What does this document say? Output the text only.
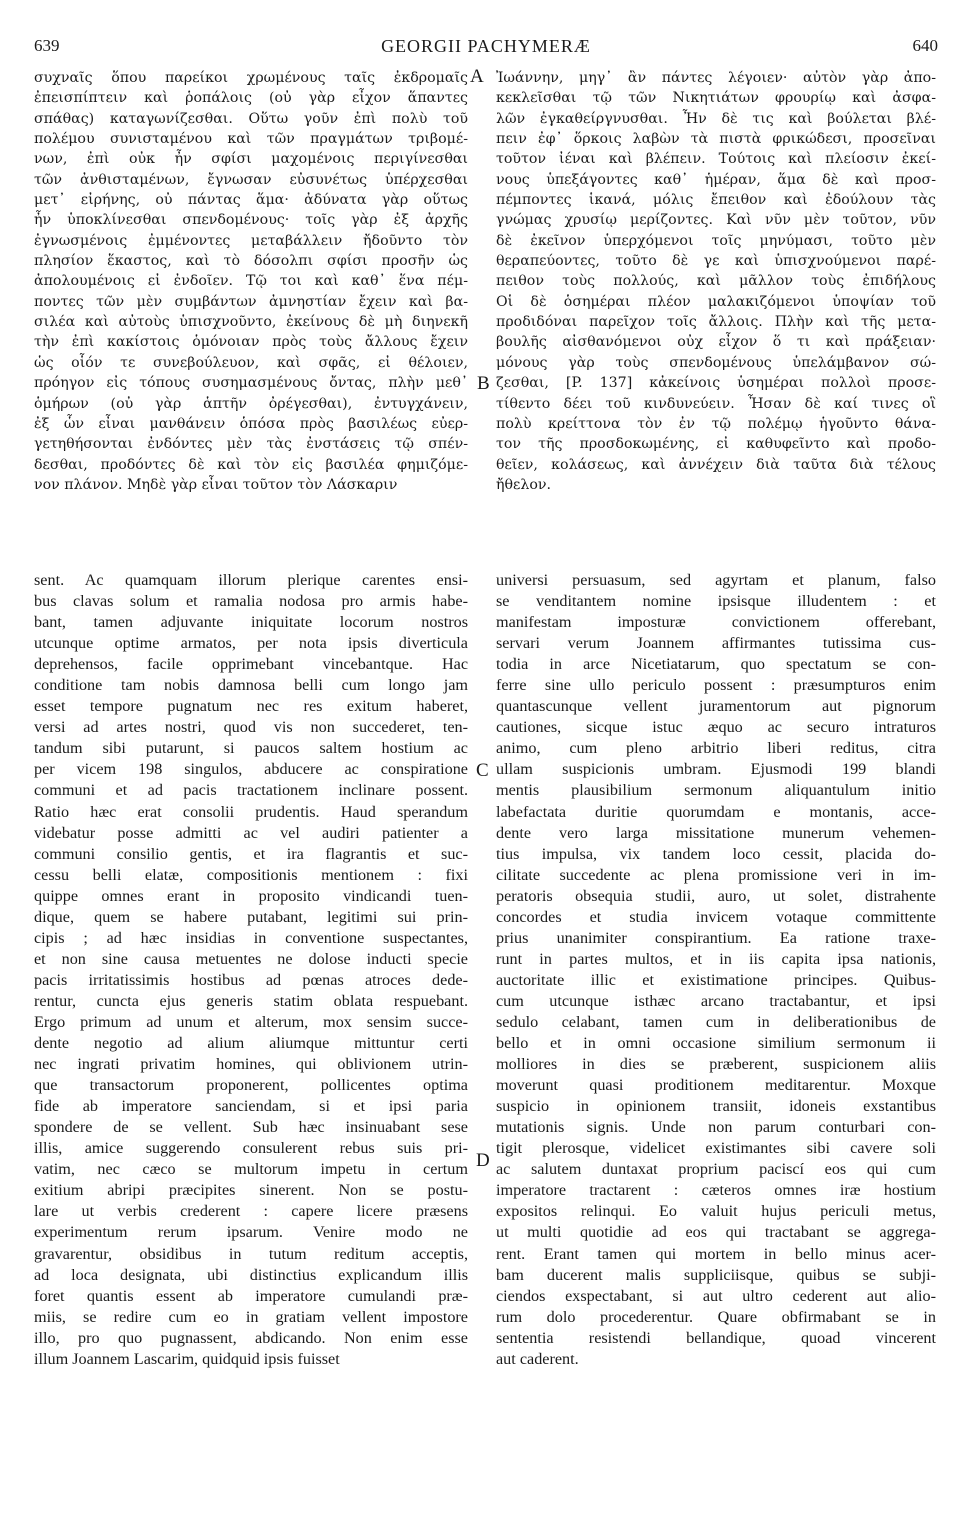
639	GEORGII PACHYMERÆ	640
A
B
C
D
συχναῖς ὅπου παρείκοι χρωμένους ταῖς ἐκδρομαῖς
ἐπεισπίπτειν καὶ ῥοπάλοις (οὐ γὰρ εἶχον ἅπαντες
σπάθας) καταγωνίζεσθαι. Οὕτω γοῦν ἐπὶ πολὺ τοῦ
πολέμου συνισταμένου καὶ τῶν πραγμάτων τριβομέ-
νων, ἐπὶ οὐκ ἦν σφίσι μαχομένοις περιγίνεσθαι
τῶν ἀνθισταμένων, ἔγνωσαν εὐσυνέτως ὑπέρχεσθαι
μετ᾽ εἰρήνης, οὐ πάντας ἅμα· ἀδύνατα γὰρ οὕτως
ἦν ὑποκλίνεσθαι σπενδομένους· τοῖς γὰρ ἐξ ἀρχῆς
ἐγνωσμένοις ἐμμένοντες μεταβάλλειν ἤδοῦντο τὸν
πλησίον ἕκαστος, καὶ τὸ δόσολπι σφίσι προσῆν ὡς
ἀπολουμένοις εἰ ἐνδοῖεν. Τῷ τοι καὶ καθ᾽ ἕνα πέμ-
ποντες τῶν μὲν συμβάντων ἀμνηστίαν ἔχειν καὶ βα-
σιλέα καὶ αὐτοὺς ὑπισχνοῦντο, ἐκείνους δὲ μὴ διηνεκῆ
τὴν ἐπὶ κακίστοις ὁμόνοιαν πρὸς τοὺς ἄλλους ἔχειν
ὡς οἷόν τε συνεβούλευον, καὶ σφᾶς, εἰ θέλοιεν,
πρόηγον εἰς τόπους συσημασμένους ὄντας, πλὴν μεθ᾽
ὁμήρων (οὐ γὰρ ἁπτῆν ὀρέγεσθαι), ἐντυγχάνειν,
ἐξ ὧν εἶναι μανθάνειν ὁπόσα πρὸς βασιλέως εὐερ-
γετηθήσονται ἐνδόντες μὲν τὰς ἐνστάσεις τῷ σπέν-
δεσθαι, προδόντες δὲ καὶ τὸν εἰς βασιλέα φημιζόμε-
νον πλάνον. Μηδὲ γὰρ εἶναι τοῦτον τὸν Λάσκαριν
Ἰωάννην, μηγ᾽ ἂν πάντες λέγοιεν· αὐτὸν γὰρ ἀπο-
κεκλεῖσθαι τῷ τῶν Νικητιάτων φρουρίῳ καὶ ἀσφα-
λῶν ἐγκαθείργνυσθαι. Ἦν δὲ τις καὶ βούλεται βλέ-
πειν ἐφ᾽ ὅρκοις λαβὼν τὰ πιστὰ φρικώδεσι, προσεῖναι
τοῦτον ἰέναι καὶ βλέπειν. Τούτοις καὶ πλείοσιν ἐκεί-
νους ὑπεξάγοντες καθ᾽ ἡμέραν, ἅμα δὲ καὶ προσ-
πέμποντες ἱκανά, μόλις ἔπειθον καὶ ἐδούλουν τὰς
γνώμας χρυσίῳ μερίζοντες. Καὶ νῦν μὲν τοῦτον, νῦν
δὲ ἐκεῖνον ὑπερχόμενοι τοῖς μηνύμασι, τοῦτο μὲν
θεραπεύοντες, τοῦτο δὲ γε καὶ ὑπισχνούμενοι παρέ-
πειθον τοὺς πολλούς, καὶ μᾶλλον τοὺς ἐπιδήλους
Οἱ δὲ ὁσημέραι πλέον μαλακιζόμενοι ὑποψίαν τοῦ
προδιδόναι παρεῖχον τοῖς ἄλλοις. Πλὴν καὶ τῆς μετα-
βουλῆς αἰσθανόμενοι οὐχ εἶχον ὅ τι καὶ πράξειαν·
μόνους γὰρ τοὺς σπενδομένους ὑπελάμβανον σώ-
ζεσθαι, [P. 137] κἀκείνοις ὑσημέραι πολλοὶ προσε-
τίθεντο δέει τοῦ κινδυνεύειν. Ἦσαν δὲ καί τινες οἳ
πολὺ κρείττονα τὸν ἐν τῷ πολέμῳ ἡγοῦντο θάνα-
τον τῆς προσδοκωμένης, εἰ καθυφεῖντο καὶ προδο-
θεῖεν, κολάσεως, καὶ ἀννέχειν διὰ ταῦτα διὰ τέλους
ἤθελον.
sent. Ac quamquam illorum plerique carentes ensi-
bus clavas solum et ramalia nodosa pro armis habe-
bant, tamen adjuvante iniquitate locorum nostros
utcunque optime armatos, per nota ipsis diverticula
deprehensos, facile opprimebant vincebantque. Hac
conditione tam nobis damnosa belli cum longo jam
esset tempore pugnatum nec res exitum haberet,
versi ad artes nostri, quod vis non succederet, ten-
tandum sibi putarunt, si paucos saltem hostium ac
per vicem 198 singulos, abducere ac conspiratione
communi et ad pacis tractationem inclinare possent.
Ratio hæc erat consolii prudentis. Haud sperandum
videbatur posse admitti ac vel audiri patienter a
communi consilio gentis, et ira flagrantis et suc-
cessu belli elatæ, compositionis mentionem : fixi
quippe omnes erant in proposito vindicandi tuen-
dique, quem se habere putabant, legitimi sui prin-
cipis ; ad hæc insidias in conventione suspectantes,
et non sine causa metuentes ne dolose inducti specie
pacis irritatissimis hostibus ad pœnas atroces dede-
rentur, cuncta ejus generis statim oblata respuebant.
Ergo primum ad unum et alterum, mox sensim succe-
dente negotio ad alium aliumque mittuntur certi
nec ingrati privatim homines, qui oblivionem utrin-
que transactorum proponerent, pollicentes optima
fide ab imperatore sanciendam, si et ipsi paria
spondere de se vellent. Sub hæc insinuabant sese
illis, amice suggerendo consulerent rebus suis pri-
vatim, nec cæco se multorum impetu in certum
exitium abripi præcipites sinerent. Non se postu-
lare ut verbis crederent : capere licere præsens
experimentum rerum ipsarum. Venire modo ne
gravarentur, obsidibus in tutum reditum acceptis,
ad loca designata, ubi distinctius explicandum illis
foret quantis essent ab imperatore cumulandi præ-
miis, se redire cum eo in gratiam vellent impostore
illo, pro quo pugnassent, abdicando. Non enim esse
illum Joannem Lascarim, quidquid ipsis fuisset
universi persuasum, sed agyrtam et planum, falso
se venditantem nomine ipsisque illudentem : et
manifestam imposturæ convictionem offerebant,
servari verum Joannem affirmantes tutissima cus-
todia in arce Nicetiatarum, quo spectatum se con-
ferre sine ullo periculo possent : præsumpturos enim
quantascunque vellent juramentorum aut pignorum
cautiones, sicque istuc æquo ac securo intraturos
animo, cum pleno arbitrio liberi reditus, citra
ullam suspicionis umbram. Ejusmodi 199 blandi
mentis plausibilium sermonum aliquantulum initio
labefactata duritie quorumdam e montanis, acce-
dente vero larga missitatione munerum vehemen-
tius impulsa, vix tandem loco cessit, placida do-
cilitate succedente ac plena promissione veri in im-
peratoris obsequia studii, auro, ut solet, distrahente
concordes et studia invicem votaque committente
prius unanimiter conspirantium. Ea ratione traxe-
runt in partes multos, et in iis capita ipsa nationis,
auctoritate illic et existimatione principes. Quibus-
cum utcunque isthæc arcano tractabantur, et ipsi
sedulo celabant, tamen cum in deliberationibus de
bello et in omni occasione similium sermonum ii
molliores in dies se præberent, suspicionem aliis
moverunt quasi proditionem meditarentur. Moxque
suspicio in opinionem transiit, idoneis exstantibus
mutationis signis. Unde non parum conturbari con-
tigit plerosque, videlicet existimantes sibi cavere soli
ac salutem duntaxat proprium paciscí eos qui cum
imperatore tractarent : cæteros omnes iræ hostium
expositos relinqui. Eo valuit hujus periculi metus,
ut multi quotidie ad eos qui tractabant se aggrega-
rent. Erant tamen qui mortem in bello minus acer-
bam ducerent malis suppliciisque, quibus se subji-
ciendos exspectabant, si aut ultro cederent aut alio-
rum dolo procederentur. Quare obfirmabant se in
sententia resistendi bellandique, quoad vincerent
aut caderent.
